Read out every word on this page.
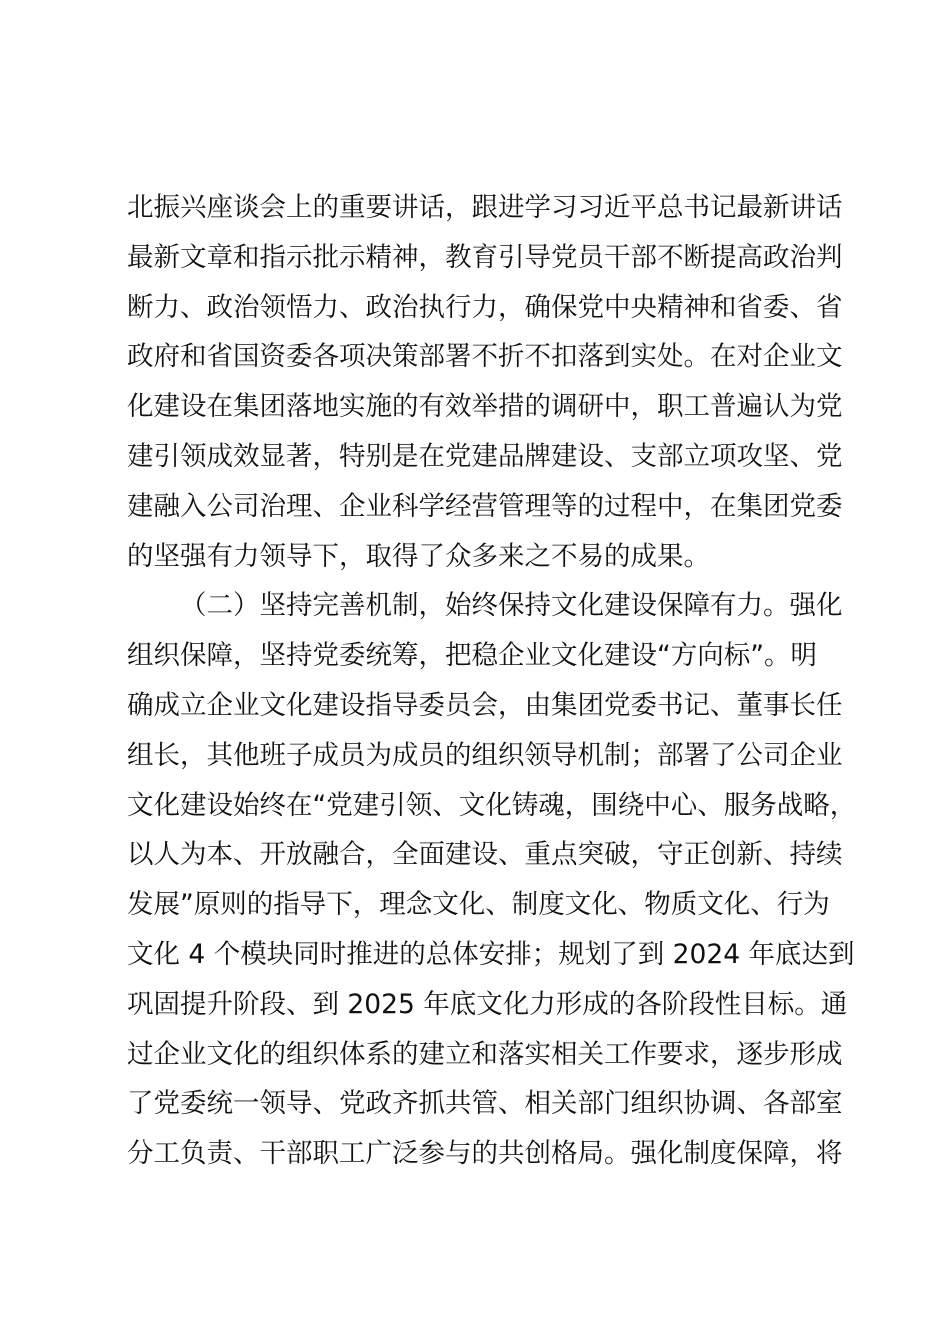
北振兴座谈会上的重要讲话，跟进学习习近平总书记最新讲话
最新文章和指示批示精神，教育引导党员干部不断提高政治判
断力、政治领悟力、政治执行力，确保党中央精神和省委、省
政府和省国资委各项决策部署不折不扣落到实处。在对企业文
化建设在集团落地实施的有效举措的调研中，职工普遍认为党
建引领成效显著，特别是在党建品牌建设、支部立项攻坚、党
建融入公司治理、企业科学经营管理等的过程中，在集团党委
的坚强有力领导下，取得了众多来之不易的成果。
（二）坚持完善机制，始终保持文化建设保障有力。强化
组织保障，坚持党委统筹，把稳企业文化建设“方向标”。明
确成立企业文化建设指导委员会，由集团党委书记、董事长任
组长，其他班子成员为成员的组织领导机制；部署了公司企业
文化建设始终在“党建引领、文化铸魂，围绕中心、服务战略，
以人为本、开放融合，全面建设、重点突破，守正创新、持续
发展”原则的指导下，理念文化、制度文化、物质文化、行为
文化 4 个模块同时推进的总体安排；规划了到 2024 年底达到
巩固提升阶段、到 2025 年底文化力形成的各阶段性目标。通
过企业文化的组织体系的建立和落实相关工作要求，逐步形成
了党委统一领导、党政齐抓共管、相关部门组织协调、各部室
分工负责、干部职工广泛参与的共创格局。强化制度保障，将
